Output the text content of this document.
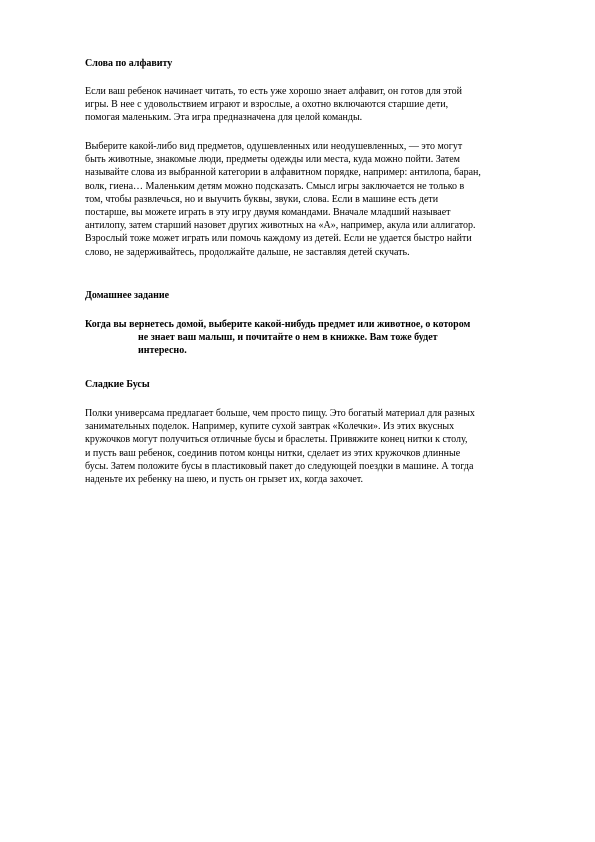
Слова по алфавиту
Если ваш ребенок начинает читать, то есть уже хорошо знает алфавит, он готов для этой
игры. В нее с удовольствием играют и взрослые, а охотно включаются старшие дети,
помогая маленьким. Эта игра предназначена для целой команды.
Выберите какой-либо вид предметов, одушевленных или неодушевленных, — это могут
быть животные, знакомые люди, предметы одежды или места, куда можно пойти. Затем
называйте слова из выбранной категории в алфавитном порядке, например: антилопа, баран,
волк, гиена… Маленьким детям можно подсказать. Смысл игры заключается не только в
том, чтобы развлечься, но и выучить буквы, звуки, слова. Если в машине есть дети
постарше, вы можете играть в эту игру двумя командами. Вначале младший называет
антилопу, затем старший назовет других животных на «А», например, акула или аллигатор.
Взрослый тоже может играть или помочь каждому из детей. Если не удается быстро найти
слово, не задерживайтесь, продолжайте дальше, не заставляя детей скучать.
Домашнее задание
Когда вы вернетесь домой, выберите какой-нибудь предмет или животное, о котором
не знает ваш малыш, и почитайте о нем в книжке. Вам тоже будет
интересно.
Сладкие Бусы
Полки универсама предлагает больше, чем просто пищу. Это богатый материал для разных
занимательных поделок. Например, купите сухой завтрак «Колечки». Из этих вкусных
кружочков могут получиться отличные бусы и браслеты. Привяжите конец нитки к столу,
и пусть ваш ребенок, соединив потом концы нитки, сделает из этих кружочков длинные
бусы. Затем положите бусы в пластиковый пакет до следующей поездки в машине. А тогда
наденьте их ребенку на шею, и пусть он грызет их, когда захочет.
